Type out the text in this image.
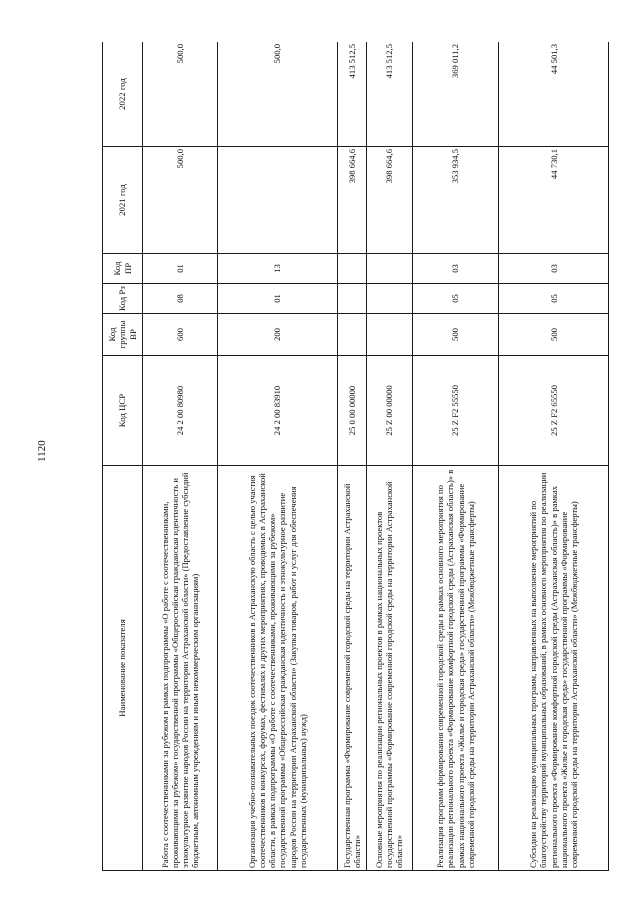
1120
Наименование показателя	Код ЦСР	Код группы ВР	Код Рз	Код ПР	2021 год	2022 год
Работа с соотечественниками за рубежом в рамках подпрограммы «О работе с соотечественниками, проживающими за рубежом» государственной программы «Общероссийская гражданская идентичность и этнокультурное развитие народов России на территории Астраханской области» (Предоставление субсидий бюджетным, автономным учреждениям и иным некоммерческим организациям)	24 2 00 80980	600	08	01	500,0	500,0
Организация учебно-познавательных поездок соотечественников в Астраханскую область с целью участия соотечественников в конкурсах, форумах, фестивалях и других мероприятиях, проводимых в Астраханской области, в рамках подпрограммы «О работе с соотечественниками, проживающими за рубежом» государственной программы «Общероссийская гражданская идентичность и этнокультурное развитие народов России на территории Астраханской области» (Закупка товаров, работ и услуг для обеспечения государственных (муниципальных) нужд)	24 2 00 83910	200	01	13		500,0
Государственная программа «Формирование современной городской среды на территории Астраханской области»	25 0 00 00000				398 664,6	413 512,5
Основные мероприятия по реализации региональных проектов в рамках национальных проектов государственной программы «Формирование современной городской среды на территории Астраханской области»	25 Z 00 00000				398 664,6	413 512,5
Реализация программ формирования современной городской среды в рамках основного мероприятия по реализации регионального проекта «Формирование комфортной городской среды (Астраханская область)» в рамках национального проекта «Жилье и городская среда» государственной программы «Формирование современной городской среды на территории Астраханской области» (Межбюджетные трансферты)	25 Z F2 55550	500	05	03	353 934,5	369 011,2
Субсидии на реализацию муниципальных программ, направленных на выполнение мероприятий по благоустройству территорий муниципальных образований, в рамках основного мероприятия по реализации регионального проекта «Формирование комфортной городской среды (Астраханская область)» в рамках национального проекта «Жилье и городская среда» государственной программы «Формирование современной городской среды на территории Астраханской области» (Межбюджетные трансферты)	25 Z F2 65550	500	05	03	44 730,1	44 501,3
